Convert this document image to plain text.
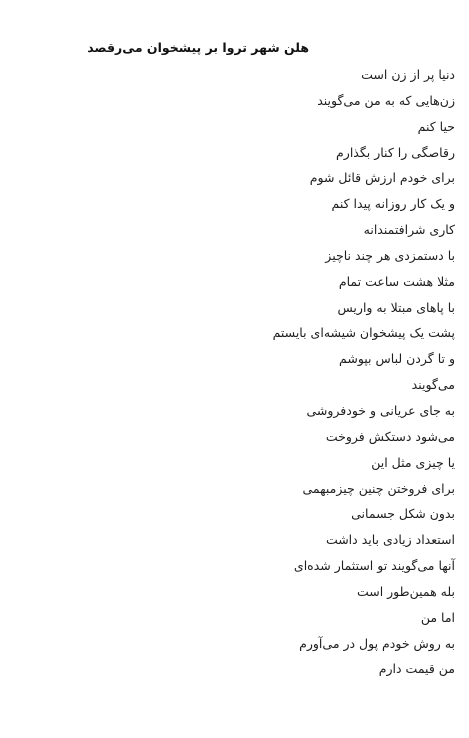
هلن شهر تروا بر پیشخوان می‌رقصد
دنیا پر از زن است
زن‌هایی که به من می‌گویند
حیا کنم
رقاصگی را کنار بگذارم
برای خودم ارزش قائل شوم
و یک کار روزانه پیدا کنم
کاری شرافتمندانه
با دستمزدی هر چند ناچیز
مثلا هشت ساعت تمام
با پاهای مبتلا به واریس
پشت یک پیشخوان شیشه‌ای بایستم
و تا گردن لباس بپوشم
می‌گویند
به جای عریانی و خودفروشی
می‌شود دستکش فروخت
یا چیزی مثل این
برای فروختن چنین چیزمبهمی
بدون شکل جسمانی
استعداد زیادی باید داشت
آنها می‌گویند تو استثمار شده‌ای
بله همین‌طور است
اما من
به روش خودم پول در می‌آورم
من قیمت دارم
